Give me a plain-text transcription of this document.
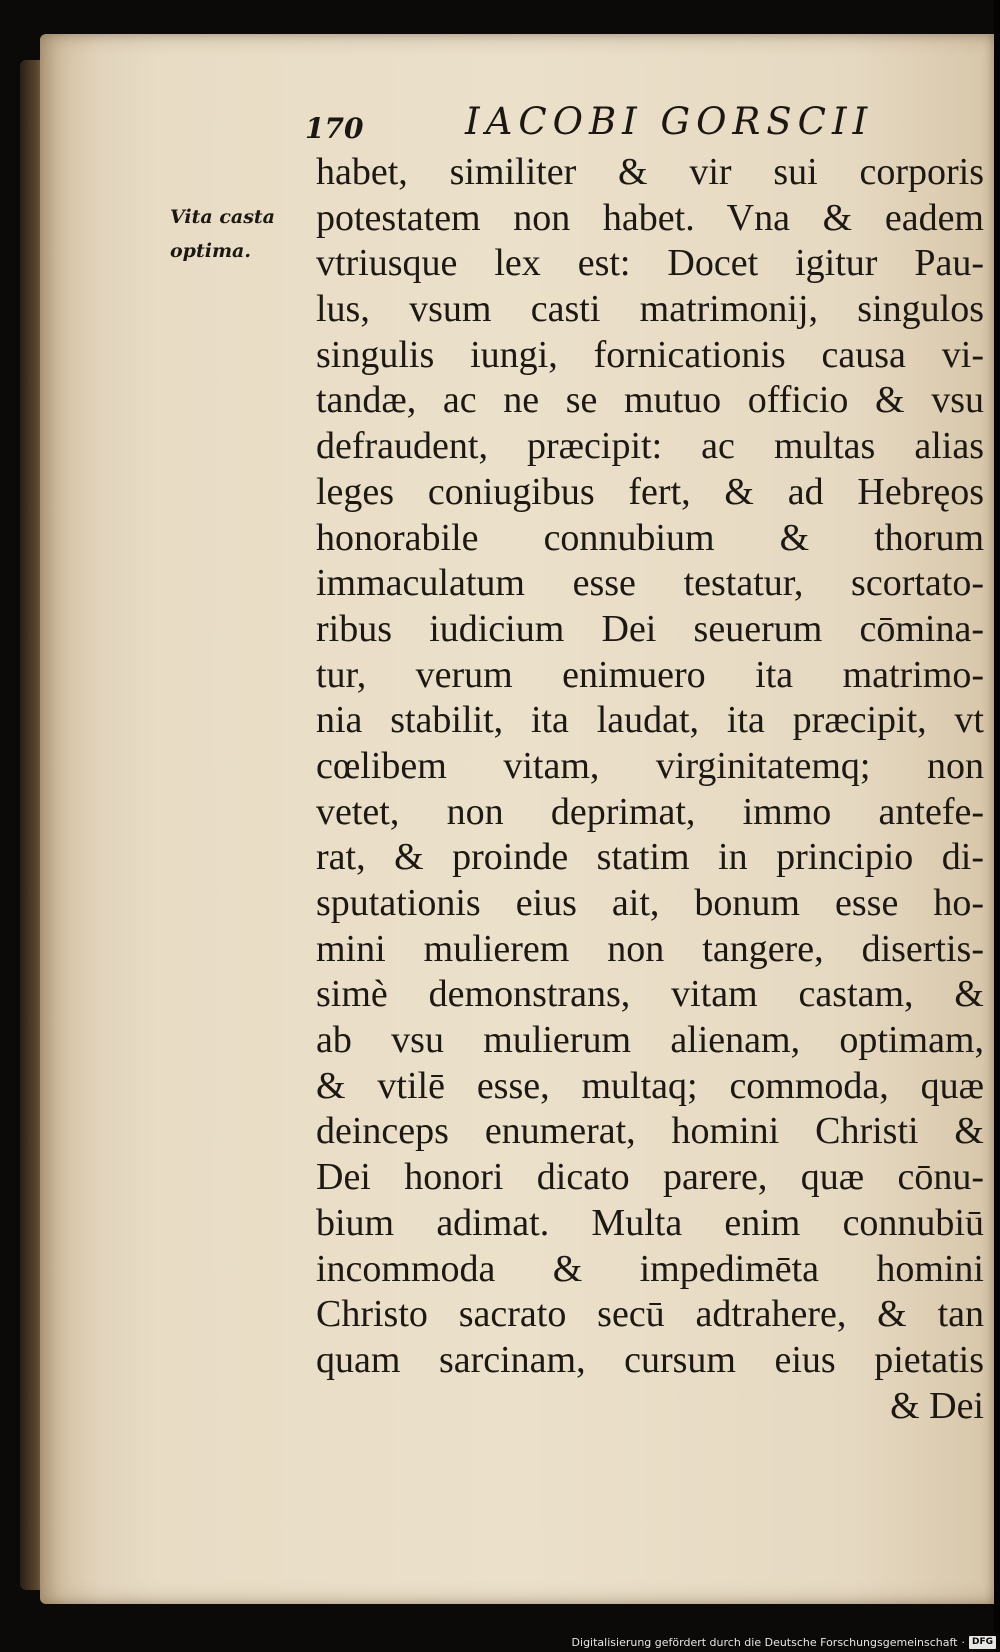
170	IACOBI GORSCII
Vita casta
optima.
habet, similiter & vir sui corporis
potestatem non habet. Vna & eadem
vtriusque lex est: Docet igitur Pau-
lus, vsum casti matrimonij, singulos
singulis iungi, fornicationis causa vi-
tandæ, ac ne se mutuo officio & vsu
defraudent, præcipit: ac multas alias
leges coniugibus fert, & ad Hebręos
honorabile connubium & thorum
immaculatum esse testatur, scortato-
ribus iudicium Dei seuerum cōmina-
tur, verum enimuero ita matrimo-
nia stabilit, ita laudat, ita præcipit, vt
cœlibem vitam, virginitatemq; non
vetet, non deprimat, immo antefe-
rat, & proinde statim in principio di-
sputationis eius ait, bonum esse ho-
mini mulierem non tangere, disertis-
simè demonstrans, vitam castam, &
ab vsu mulierum alienam, optimam,
& vtilē esse, multaq; commoda, quæ
deinceps enumerat, homini Christi &
Dei honori dicato parere, quæ cōnu-
bium adimat. Multa enim connubiū
incommoda & impedimēta homini
Christo sacrato secū adtrahere, & tan
quam sarcinam, cursum eius pietatis
& Dei
Digitalisierung gefördert durch die Deutsche Forschungsgemeinschaft · DFG
